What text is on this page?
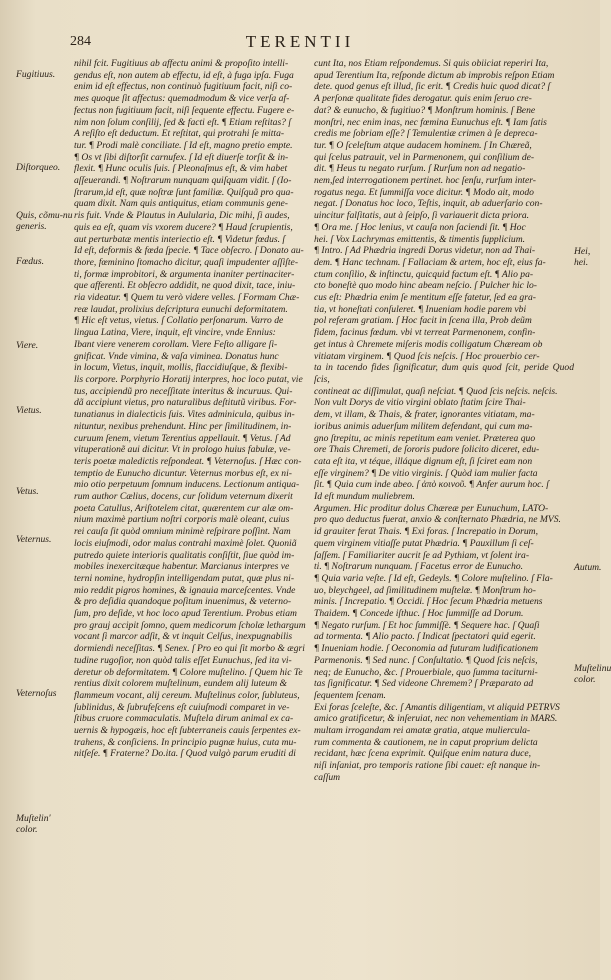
284	TERENTII

nihil fcit. Fugitiuus ab affectu animi & propoſito intelli-

gendus eſt, non autem ab effectu, id eſt, à fuga ipſa. Fuga

enim id eſt effectus, non continuò fugitiuum facit, niſi co-

mes quoque ſit affectus: quemadmodum & vice verſa af-

fectus non fugitiuum facit, niſi ſequente effectu. Fugere e-

nim non ſolum conſilij, ſed & facti eſt. ¶ Etiam reſtitas? ſ

A reſiſto eſt deductum. Et reſtitat, qui protrahi ſe mitta-

tur. ¶ Prodi malè conciliate. ſ Id eſt, magno pretio empte.

¶ Os vt ſibi diſtorſit carnufex. ſ Id eſt diuerſe torſit & in-

flexit. ¶ Hunc oculis ſuis. ſ Pleonaſmus eſt, & vim habet

aſſeuerandi. ¶ Noſtrarum nunquam quiſquam vidit. ſ (Io-

ſtrarum,id eſt, quæ noſtræ ſunt familiæ. Quiſquã pro qua-

quam dixit. Nam quis antiquitus, etiam communis gene-

ris fuit. Vnde & Plautus in Aulularia, Dic mihi, ſi audes,

quis ea eſt, quam vis vxorem ducere? ¶ Haud ſcrupientis,

aut perturbatæ mentis interiectio eſt. ¶ Videtur fœdus. ſ

Id eſt, deformis & fœda ſpecie. ¶ Tace obſecro. ſ Donato au-

thore, fœminino ſtomacho dicitur, quaſi impudenter aſſiſte-

ti, formæ improbitori, & argumenta inaniter pertinaciter-

que afferenti. Et obſecro addidit, ne quod dixit, tace, iniu-

ria videatur. ¶ Quem tu verò videre velles. ſ Formam Chæ-

reæ laudat, prolixius deſcriptura eunuchi deformitatem.

¶ Hic eſt vetus, vietus. ſ Collatio perſonarum. Varro de

lingua Latina, Viere, inquit, eſt vincire, vnde Ennius:

Ibant viere venerem corollam. Viere Feſto alligare ſi-

gnificat. Vnde vimina, & vaſa viminea. Donatus hunc

in locum, Vietus, inquit, mollis, flaccidiuſque, & flexibi-

lis corpore. Porphyrio Horatij interpres, hoc loco putat, vie

tus, accipiendũ pro neceſſitate interitus & incuruus. Qui-

dã accipiunt vietus, pro naturalibus deſtitutũ viribus. For-

tunatianus in dialecticis ſuis. Vites adminicula, quibus in-

nituntur, nexibus prehendunt. Hinc per ſimilitudinem, in-

curuum ſenem, vietum Terentius appellauit. ¶ Vetus. ſ Ad

vituperationẽ aui dicitur. Vt in prologo huius fabulæ, ve-

teris poetæ maledictis reſpondeat. ¶ Veternoſus. ſ Hæc con-

temptio de Eunucho dicuntur. Veternus morbus eſt, ex ni-

mio otio perpetuum ſomnum inducens. Lectionum antiqua-

rum author Cælius, docens, cur ſolidum veternum dixerit

poeta Catullus, Ariſtotelem citat, quærentem cur alæ om-

nium maximè partium noſtri corporis malè oleant, cuius

rei cauſa ſit quòd omnium minimè reſpirare poſſint. Nam

locis eiuſmodi, odor malus contrahi maximè ſolet. Quoniã

putredo quiete interioris qualitatis conſiſtit, ſiue quòd im-

mobiles inexercitæque habentur. Marcianus interpres ve

terni nomine, hydropſin intelligendam putat, quæ plus ni-

mio reddit pigros homines, & ignauia marceſcentes. Vnde

& pro deſidia quandoque poſitum inuenimus, & veterno-

ſum, pro deſide, vt hoc loco apud Terentium. Probus etiam

pro grauj accipit ſomno, quem medicorum ſcholæ lethargum

vocant ſi marcor adſit, & vt inquit Celſus, inexpugnabilis

dormiendi neceſſitas. ¶ Senex. ſ Pro eo qui ſit morbo & ægri

tudine rugoſior, non quòd talis eſſet Eunuchus, ſed ita vi-

deretur ob deformitatem. ¶ Colore muſtelino. ſ Quem hic Te

rentius dixit colorem muſtelinum, eundem alij luteum &

flammeum vocant, alij cereum. Muſtelinus color, ſubluteus,

ſublinidus, & ſubrufeſcens eſt cuiuſmodi comparet in ve-

ſtibus cruore commaculatis. Muſtela dirum animal ex ca-

uernis & hypogæis, hoc eſt ſubterraneis cauis ſerpentes ex-

trahens, & conſiciens. In principio pugnæ huius, cuta mu-

nitſeſe. ¶ Fraterne? Do.ita. ſ Quod vulgò parum eruditi di

cunt Ita, nos Etiam reſpondemus. Si quis obiiciat reperiri Ita,

apud Terentium Ita, reſponde dictum ab improbis reſpon Etiam

dete. quod genus eſt illud, ſic erit. ¶ Credis huic quod dicat? ſ

A perſonæ qualitate fides derogatur. quis enim ſeruo cre-

dat? & eunucho, & fugitiuo? ¶ Monſtrum hominis. ſ Bene

monſtri, nec enim inas, nec fœmina Eunuchus eſt. ¶ Iam ſatis

credis me ſobriam eſſe? ſ Temulentiæ crimen à ſe depreca-

tur. ¶ O ſceleſtum atque audacem hominem. ſ In Chæreã,

qui ſcelus patrauit, vel in Parmenonem, qui conſilium de-

dit. ¶ Heus tu negato rurſum. ſ Rurſum non ad negatio-

nem,ſed interrogationem pertinet. hoc ſenſu, rurſum inter-

rogatus nega. Et ſummiſſa voce dicitur. ¶ Modo ait, modo

negat. ſ Donatus hoc loco, Teſtis, inquit, ab aduerſario con-

uincitur falſitatis, aut à ſeipſo, ſi variauerit dicta priora.

¶ Ora me. ſ Hoc lenius, vt cauſa non ſaciendi ſit. ¶ Hoc

hei. ſ Vox Lachrymas emittentis, & timentis ſupplicium.

¶ Intro. ſ Ad Phædria ingredi Dorus videtur, non ad Thai-

dem. ¶ Hanc technam. ſ Fallaciam & artem, hoc eſt, eius fa-

ctum conſilio, & inſtinctu, quicquid factum eſt. ¶ Alio pa-

cto boneſtè quo modo hinc abeam neſcio. ſ Pulcher hic lo-

cus eſt: Phædria enim ſe mentitum eſſe fatetur, ſed ea gra-

tia, vt honeſtati conſuleret. ¶ Inueniam hodie parem vbi

pol referam gratiam. ſ Hoc facit in ſcena illa, Prob deũm

fidem, facinus fœdum. vbi vt terreat Parmenonem, confin-

get intus à Chremete miſeris modis colligatum Chæream ob

vitiatam virginem. ¶ Quod ſcis neſcis. ſ Hoc prouerbio cer-

ta in tacendo fides ſignificatur, dum quis quod ſcit, peride Quod ſcis,

contineat ac diſſimulat, quaſi neſciat. ¶ Quod ſcis neſcis. neſcis.

Non vult Dorys de vitio virgini oblato ſtatim ſcire Thai-

dem, vt illam, & Thais, & frater, ignorantes vitiatam, ma-

ioribus animis aduerſum militem defendant, qui cum ma-

gno ſtrepitu, ac minis repetitum eam veniet. Præterea quo

ore Thais Chremeti, de ſororis pudore ſolicito diceret, edu-

cata eſt ita, vt téque, illáque dignum eſt, ſi ſciret eam non

eſſe virginem? ¶ De vitio virginis. ſ Quòd iam mulier facta

ſit. ¶ Quia cum inde abeo. ſ ἀπὸ κοινοῦ. ¶ Anfer aurum hoc. ſ

Id eſt mundum muliebrem.

Argumen. Hic proditur dolus Chæreæ per Eunuchum, LATO-

pro quo deductus fuerat, anxio & conſternato Phædria, ne MVS.

id grauiter ferat Thais. ¶ Exi foras. ſ Increpatio in Dorum,

quem virginem vitiaſſe putat Phædria. ¶ Pauxillum ſi ceſ-

ſaſſem. ſ Familiariter aucrit ſe ad Pythiam, vt ſolent ira-

ti. ¶ Noſtrarum nunquam. ſ Facetus error de Eunucho.

¶ Quia varia veſte. ſ Id eſt, Gedeyls. ¶ Colore muſtelino. ſ Fla-

uo, bleychgeel, ad ſimilitudinem muſtelæ. ¶ Monſtrum ho-

minis. ſ Increpatio. ¶ Occidi. ſ Hoc ſecum Phædria metuens

Thaidem. ¶ Concede iſthuc. ſ Hoc ſummiſſe ad Dorum.

¶ Negato rurſum. ſ Et hoc ſummiſſè. ¶ Sequere hac. ſ Quaſi

ad tormenta. ¶ Alio pacto. ſ Indicat ſpectatori quid egerit.

¶ Inueniam hodie. ſ Oeconomia ad futuram ludificationem

Parmenonis. ¶ Sed nunc. ſ Conſultatio. ¶ Quod ſcis neſcis,

neq; de Eunucho, &c. ſ Prouerbiale, quo ſumma taciturni-

tas ſignificatur. ¶ Sed videone Chremem? ſ Præparato ad

ſequentem ſcenam.

Exi foras ſceleſte, &c. ſ Amantis diligentiam, vt aliquid PETRVS

amico gratificetur, & inſeruiat, nec non vehementiam in MARS.

multam irrogandam rei amatæ gratia, atque muliercula-

rum commenta & cautionem, ne in caput proprium delicta

recidant, hæc ſcena exprimit. Quiſque enim natura duce,

niſi inſaniat, pro temporis ratione ſibi cauet: eſt nanque in-

caſſum

Fugitiuus.
Diſtorqueo.
Quis, cõmu-nu generis.
Fœdus.
Viere.
Vietus.
Vetus.
Veternus.
Veternoſus
Muſtelin' color.
Hei, hei.
Autum.
Muſtelinu color.
